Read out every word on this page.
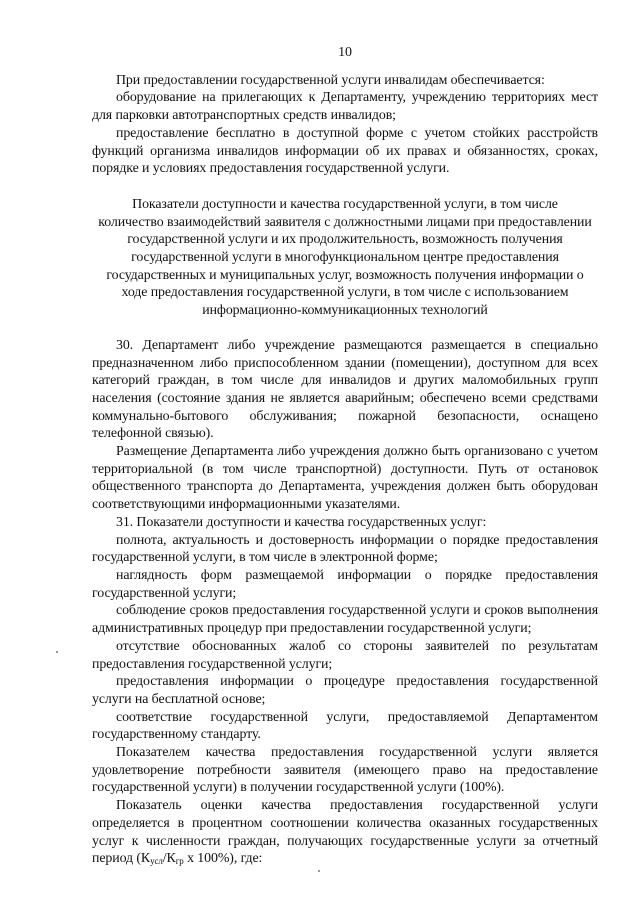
10

При предоставлении государственной услуги инвалидам обеспечивается:

оборудование на прилегающих к Департаменту, учреждению территориях мест для парковки автотранспортных средств инвалидов;

предоставление бесплатно в доступной форме с учетом стойких расстройств функций организма инвалидов информации об их правах и обязанностях, сроках, порядке и условиях предоставления государственной услуги.

Показатели доступности и качества государственной услуги, в том числе количество взаимодействий заявителя с должностными лицами при предоставлении государственной услуги и их продолжительность, возможность получения государственной услуги в многофункциональном центре предоставления государственных и муниципальных услуг, возможность получения информации о ходе предоставления государственной услуги, в том числе с использованием информационно-коммуникационных технологий

30. Департамент либо учреждение размещаются размещается в специально предназначенном либо приспособленном здании (помещении), доступном для всех категорий граждан, в том числе для инвалидов и других маломобильных групп населения (состояние здания не является аварийным; обеспечено всеми средствами коммунально-бытового обслуживания; пожарной безопасности, оснащено телефонной связью).

Размещение Департамента либо учреждения должно быть организовано с учетом территориальной (в том числе транспортной) доступности. Путь от остановок общественного транспорта до Департамента, учреждения должен быть оборудован соответствующими информационными указателями.

31. Показатели доступности и качества государственных услуг:

полнота, актуальность и достоверность информации о порядке предоставления государственной услуги, в том числе в электронной форме;

наглядность форм размещаемой информации о порядке предоставления государственной услуги;

соблюдение сроков предоставления государственной услуги и сроков выполнения административных процедур при предоставлении государственной услуги;

отсутствие обоснованных жалоб со стороны заявителей по результатам предоставления государственной услуги;

предоставления информации о процедуре предоставления государственной услуги на бесплатной основе;

соответствие государственной услуги, предоставляемой Департаментом государственному стандарту.

Показателем качества предоставления государственной услуги является удовлетворение потребности заявителя (имеющего право на предоставление государственной услуги) в получении государственной услуги (100%).

Показатель оценки качества предоставления государственной услуги определяется в процентном соотношении количества оказанных государственных услуг к численности граждан, получающих государственные услуги за отчетный период ($К_{усл}/К_{гр}$ х 100%), где:
